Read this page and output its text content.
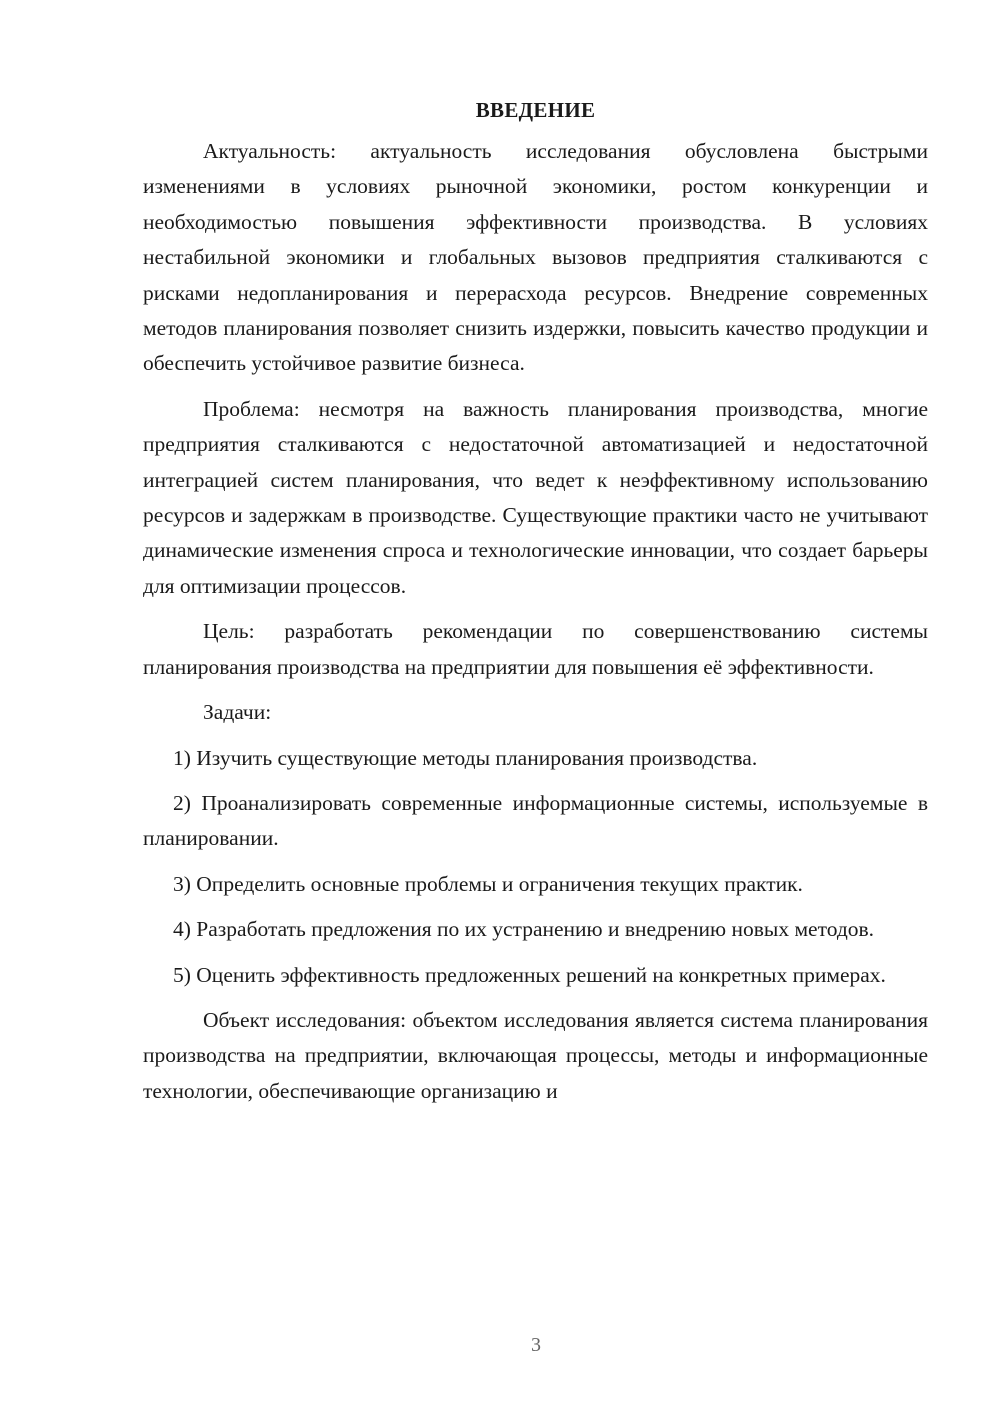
ВВЕДЕНИЕ

Актуальность: актуальность исследования обусловлена быстрыми изменениями в условиях рыночной экономики, ростом конкуренции и необходимостью повышения эффективности производства. В условиях нестабильной экономики и глобальных вызовов предприятия сталкиваются с рисками недопланирования и перерасхода ресурсов. Внедрение современных методов планирования позволяет снизить издержки, повысить качество продукции и обеспечить устойчивое развитие бизнеса.

Проблема: несмотря на важность планирования производства, многие предприятия сталкиваются с недостаточной автоматизацией и недостаточной интеграцией систем планирования, что ведет к неэффективному использованию ресурсов и задержкам в производстве. Существующие практики часто не учитывают динамические изменения спроса и технологические инновации, что создает барьеры для оптимизации процессов.

Цель: разработать рекомендации по совершенствованию системы планирования производства на предприятии для повышения её эффективности.

Задачи:

1) Изучить существующие методы планирования производства.

2) Проанализировать современные информационные системы, используемые в планировании.

3) Определить основные проблемы и ограничения текущих практик.

4) Разработать предложения по их устранению и внедрению новых методов.

5) Оценить эффективность предложенных решений на конкретных примерах.

Объект исследования: объектом исследования является система планирования производства на предприятии, включающая процессы, методы и информационные технологии, обеспечивающие организацию и

3
